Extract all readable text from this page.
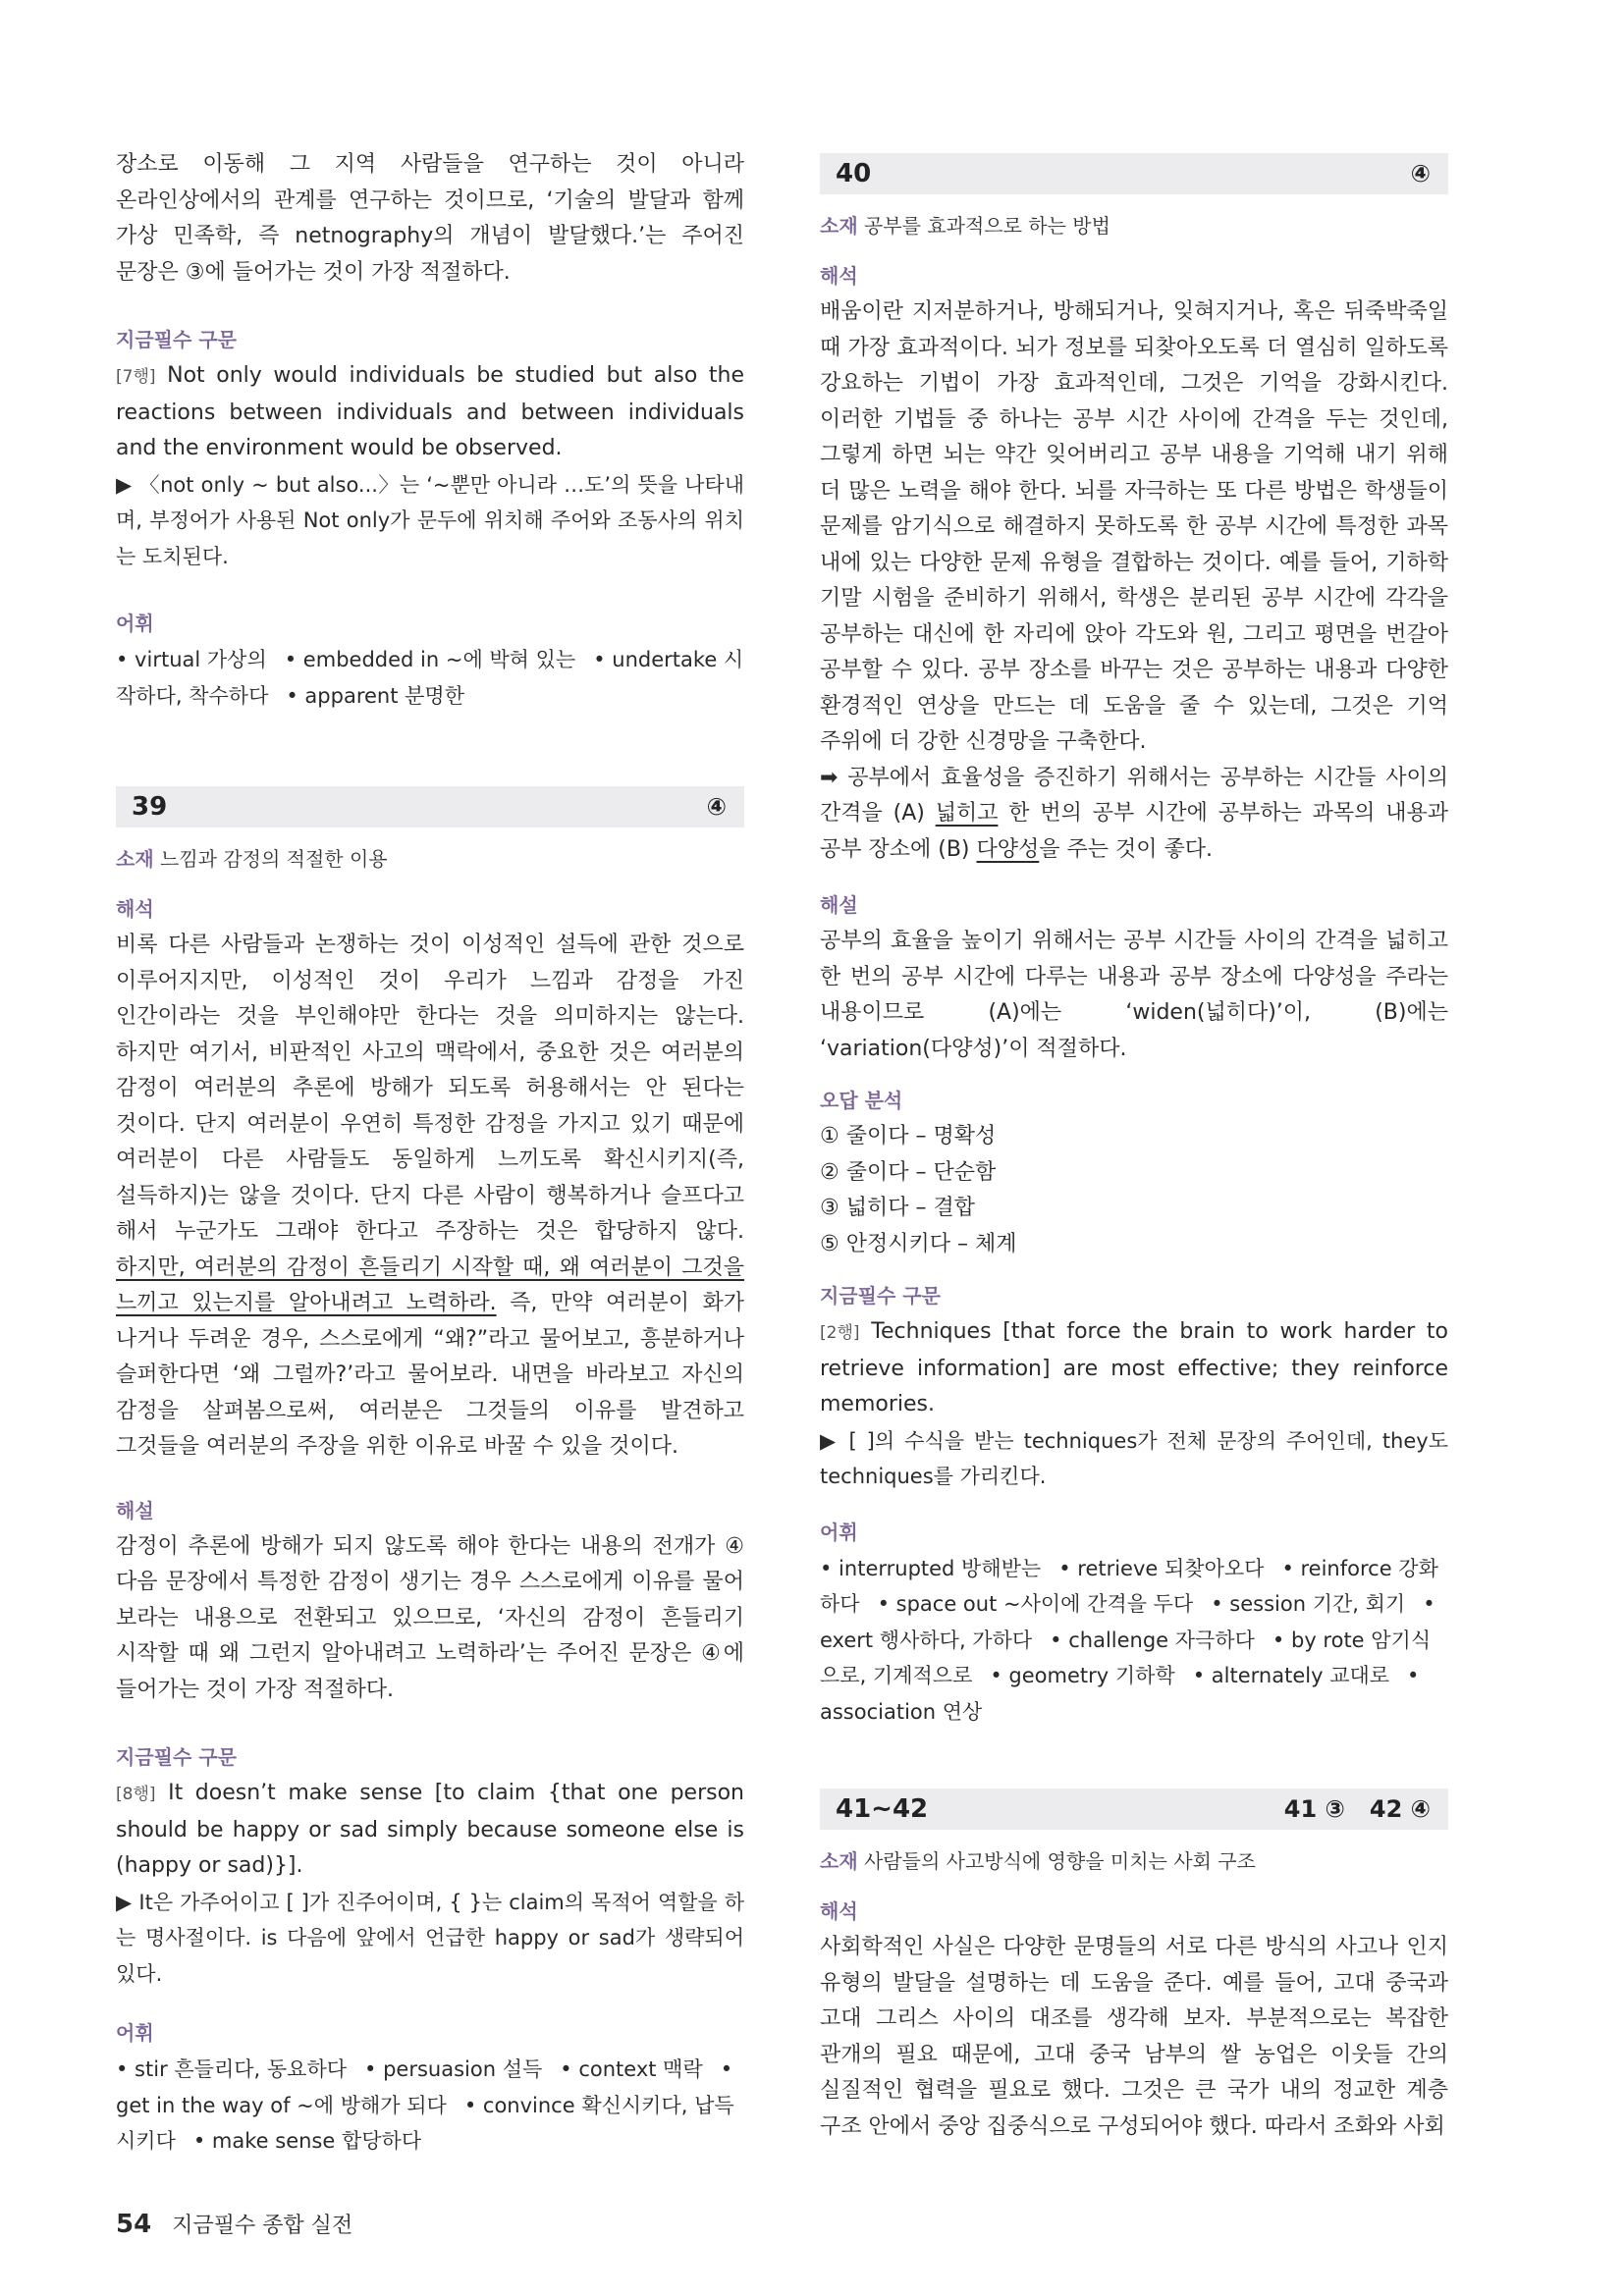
장소로 이동해 그 지역 사람들을 연구하는 것이 아니라 온라인상에서의 관계를 연구하는 것이므로, ‘기술의 발달과 함께 가상 민족학, 즉 netnography의 개념이 발달했다.’는 주어진 문장은 ③에 들어가는 것이 가장 적절하다.

지금필수 구문

[7행] Not only would individuals be studied but also the reactions between individuals and between individuals and the environment would be observed.

▶ 〈not only ~ but also...〉는 ‘~뿐만 아니라 …도’의 뜻을 나타내며, 부정어가 사용된 Not only가 문두에 위치해 주어와 조동사의 위치는 도치된다.

어휘

• virtual 가상의 • embedded in ~에 박혀 있는 • undertake 시작하다, 착수하다 • apparent 분명한

39	④
소재 느낌과 감정의 적절한 이용
해석

비록 다른 사람들과 논쟁하는 것이 이성적인 설득에 관한 것으로 이루어지지만, 이성적인 것이 우리가 느낌과 감정을 가진 인간이라는 것을 부인해야만 한다는 것을 의미하지는 않는다. 하지만 여기서, 비판적인 사고의 맥락에서, 중요한 것은 여러분의 감정이 여러분의 추론에 방해가 되도록 허용해서는 안 된다는 것이다. 단지 여러분이 우연히 특정한 감정을 가지고 있기 때문에 여러분이 다른 사람들도 동일하게 느끼도록 확신시키지(즉, 설득하지)는 않을 것이다. 단지 다른 사람이 행복하거나 슬프다고 해서 누군가도 그래야 한다고 주장하는 것은 합당하지 않다. 하지만, 여러분의 감정이 흔들리기 시작할 때, 왜 여러분이 그것을 느끼고 있는지를 알아내려고 노력하라. 즉, 만약 여러분이 화가 나거나 두려운 경우, 스스로에게 “왜?”라고 물어보고, 흥분하거나 슬퍼한다면 ‘왜 그럴까?’라고 물어보라. 내면을 바라보고 자신의 감정을 살펴봄으로써, 여러분은 그것들의 이유를 발견하고 그것들을 여러분의 주장을 위한 이유로 바꿀 수 있을 것이다.

해설

감정이 추론에 방해가 되지 않도록 해야 한다는 내용의 전개가 ④ 다음 문장에서 특정한 감정이 생기는 경우 스스로에게 이유를 물어 보라는 내용으로 전환되고 있으므로, ‘자신의 감정이 흔들리기 시작할 때 왜 그런지 알아내려고 노력하라’는 주어진 문장은 ④에 들어가는 것이 가장 적절하다.

지금필수 구문

[8행] It doesn’t make sense [to claim {that one person should be happy or sad simply because someone else is (happy or sad)}].

▶ It은 가주어이고 [ ]가 진주어이며, { }는 claim의 목적어 역할을 하는 명사절이다. is 다음에 앞에서 언급한 happy or sad가 생략되어 있다.

어휘

• stir 흔들리다, 동요하다 • persuasion 설득 • context 맥락 • get in the way of ~에 방해가 되다 • convince 확신시키다, 납득시키다 • make sense 합당하다

40	④
소재 공부를 효과적으로 하는 방법
해석

배움이란 지저분하거나, 방해되거나, 잊혀지거나, 혹은 뒤죽박죽일 때 가장 효과적이다. 뇌가 정보를 되찾아오도록 더 열심히 일하도록 강요하는 기법이 가장 효과적인데, 그것은 기억을 강화시킨다. 이러한 기법들 중 하나는 공부 시간 사이에 간격을 두는 것인데, 그렇게 하면 뇌는 약간 잊어버리고 공부 내용을 기억해 내기 위해 더 많은 노력을 해야 한다. 뇌를 자극하는 또 다른 방법은 학생들이 문제를 암기식으로 해결하지 못하도록 한 공부 시간에 특정한 과목 내에 있는 다양한 문제 유형을 결합하는 것이다. 예를 들어, 기하학 기말 시험을 준비하기 위해서, 학생은 분리된 공부 시간에 각각을 공부하는 대신에 한 자리에 앉아 각도와 원, 그리고 평면을 번갈아 공부할 수 있다. 공부 장소를 바꾸는 것은 공부하는 내용과 다양한 환경적인 연상을 만드는 데 도움을 줄 수 있는데, 그것은 기억 주위에 더 강한 신경망을 구축한다.

➡ 공부에서 효율성을 증진하기 위해서는 공부하는 시간들 사이의 간격을 (A) 넓히고 한 번의 공부 시간에 공부하는 과목의 내용과 공부 장소에 (B) 다양성을 주는 것이 좋다.

해설

공부의 효율을 높이기 위해서는 공부 시간들 사이의 간격을 넓히고 한 번의 공부 시간에 다루는 내용과 공부 장소에 다양성을 주라는 내용이므로 (A)에는 ‘widen(넓히다)’이, (B)에는 ‘variation(다양성)’이 적절하다.

오답 분석
① 줄이다 – 명확성
② 줄이다 – 단순함
③ 넓히다 – 결합
⑤ 안정시키다 – 체계
지금필수 구문

[2행] Techniques [that force the brain to work harder to retrieve information] are most effective; they reinforce memories.

▶ [ ]의 수식을 받는 techniques가 전체 문장의 주어인데, they도 techniques를 가리킨다.

어휘

• interrupted 방해받는 • retrieve 되찾아오다 • reinforce 강화하다 • space out ~사이에 간격을 두다 • session 기간, 회기 • exert 행사하다, 가하다 • challenge 자극하다 • by rote 암기식으로, 기계적으로 • geometry 기하학 • alternately 교대로 • association 연상

41~42	41 ③   42 ④
소재 사람들의 사고방식에 영향을 미치는 사회 구조
해석

사회학적인 사실은 다양한 문명들의 서로 다른 방식의 사고나 인지 유형의 발달을 설명하는 데 도움을 준다. 예를 들어, 고대 중국과 고대 그리스 사이의 대조를 생각해 보자. 부분적으로는 복잡한 관개의 필요 때문에, 고대 중국 남부의 쌀 농업은 이웃들 간의 실질적인 협력을 필요로 했다. 그것은 큰 국가 내의 정교한 계층 구조 안에서 중앙 집중식으로 구성되어야 했다. 따라서 조화와 사회

54 지금필수 종합 실전
